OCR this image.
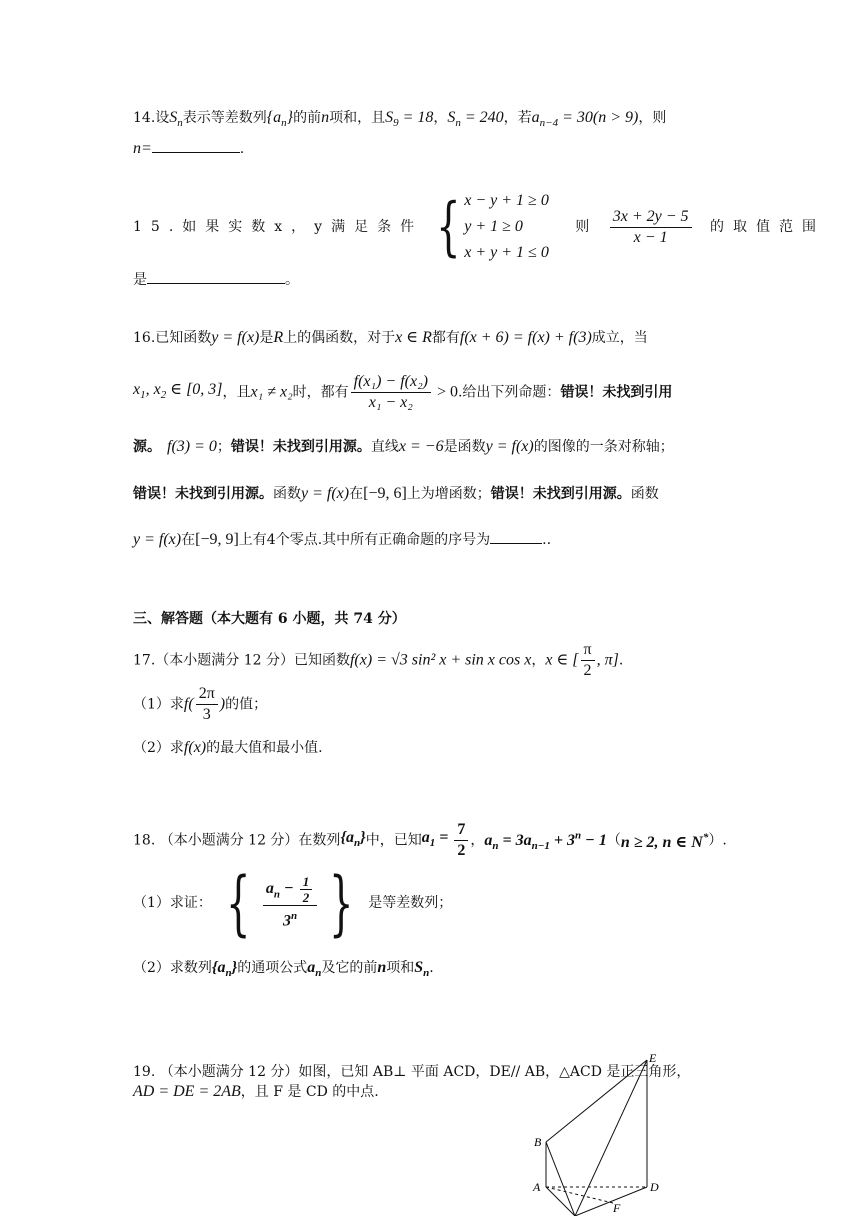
14.设$S_n$表示等差数列$\{a_n\}$的前n项和，且$S_9 = 18$，$S_n = 240$，若$a_{n-4} = 30(n > 9)$，则
n=	.
15.如果实数x，y满足条件 { x − y + 1 ≥ 0
y + 1 ≥ 0
x + y + 1 ≤ 0
则 $\frac{3x + 2y - 5}{x - 1}$ 的取值范围
是	。
16.已知函数y = f(x)是R上的偶函数，对于x ∈ R都有f(x + 6) = f(x) + f(3)成立，当
$x_1$, $x_2$ ∈ [0, 3]，且x₁ ≠ x₂时，都有 $\frac{\text{f(x₁) − f(x₂)}}{\text{x₁ − x₂}} > 0$.给出下列命题：错误！未找到引用
源。 f(3) = 0；错误！未找到引用源。直线x = −6是函数y = f(x)的图像的一条对称轴；
错误！未找到引用源。函数y = f(x)在[−9, 6]上为增函数；错误！未找到引用源。函数
y = f(x)在[−9, 9]上有4个零点.其中所有正确命题的序号为	..
三、解答题（本大题有 6 小题，共 74 分）
17.（本小题满分 12 分）已知函数f(x) = √3 sin² x + sin x cos x，x ∈ [ $\frac{\pi}{2}$ , π].
（1）求$f( \frac{2\pi}{3}$ )的值；
（2）求f(x)的最大值和最小值.
18. （本小题满分 12 分）在数列$\{a_n\}$中，已知$a_1 = \frac{7}{2}$ ，$a_n = 3a_{n-1} + 3^n - 1(n \ge 2$, n ∈ N*）.
（1）求证： { $\frac{a_n - \frac{1}{2}}{3^n}$ } 是等差数列；
（2）求数列$\{a_n\}$的通项公式$a_n$及它的前n项和$S_n$.
19. （本小题满分 12 分）如图，已知 AB⊥ 平面 ACD，DE// AB，△ACD 是正三角形，
AD = DE = 2AB，且 F 是 CD 的中点.
E
B
A	D
F
